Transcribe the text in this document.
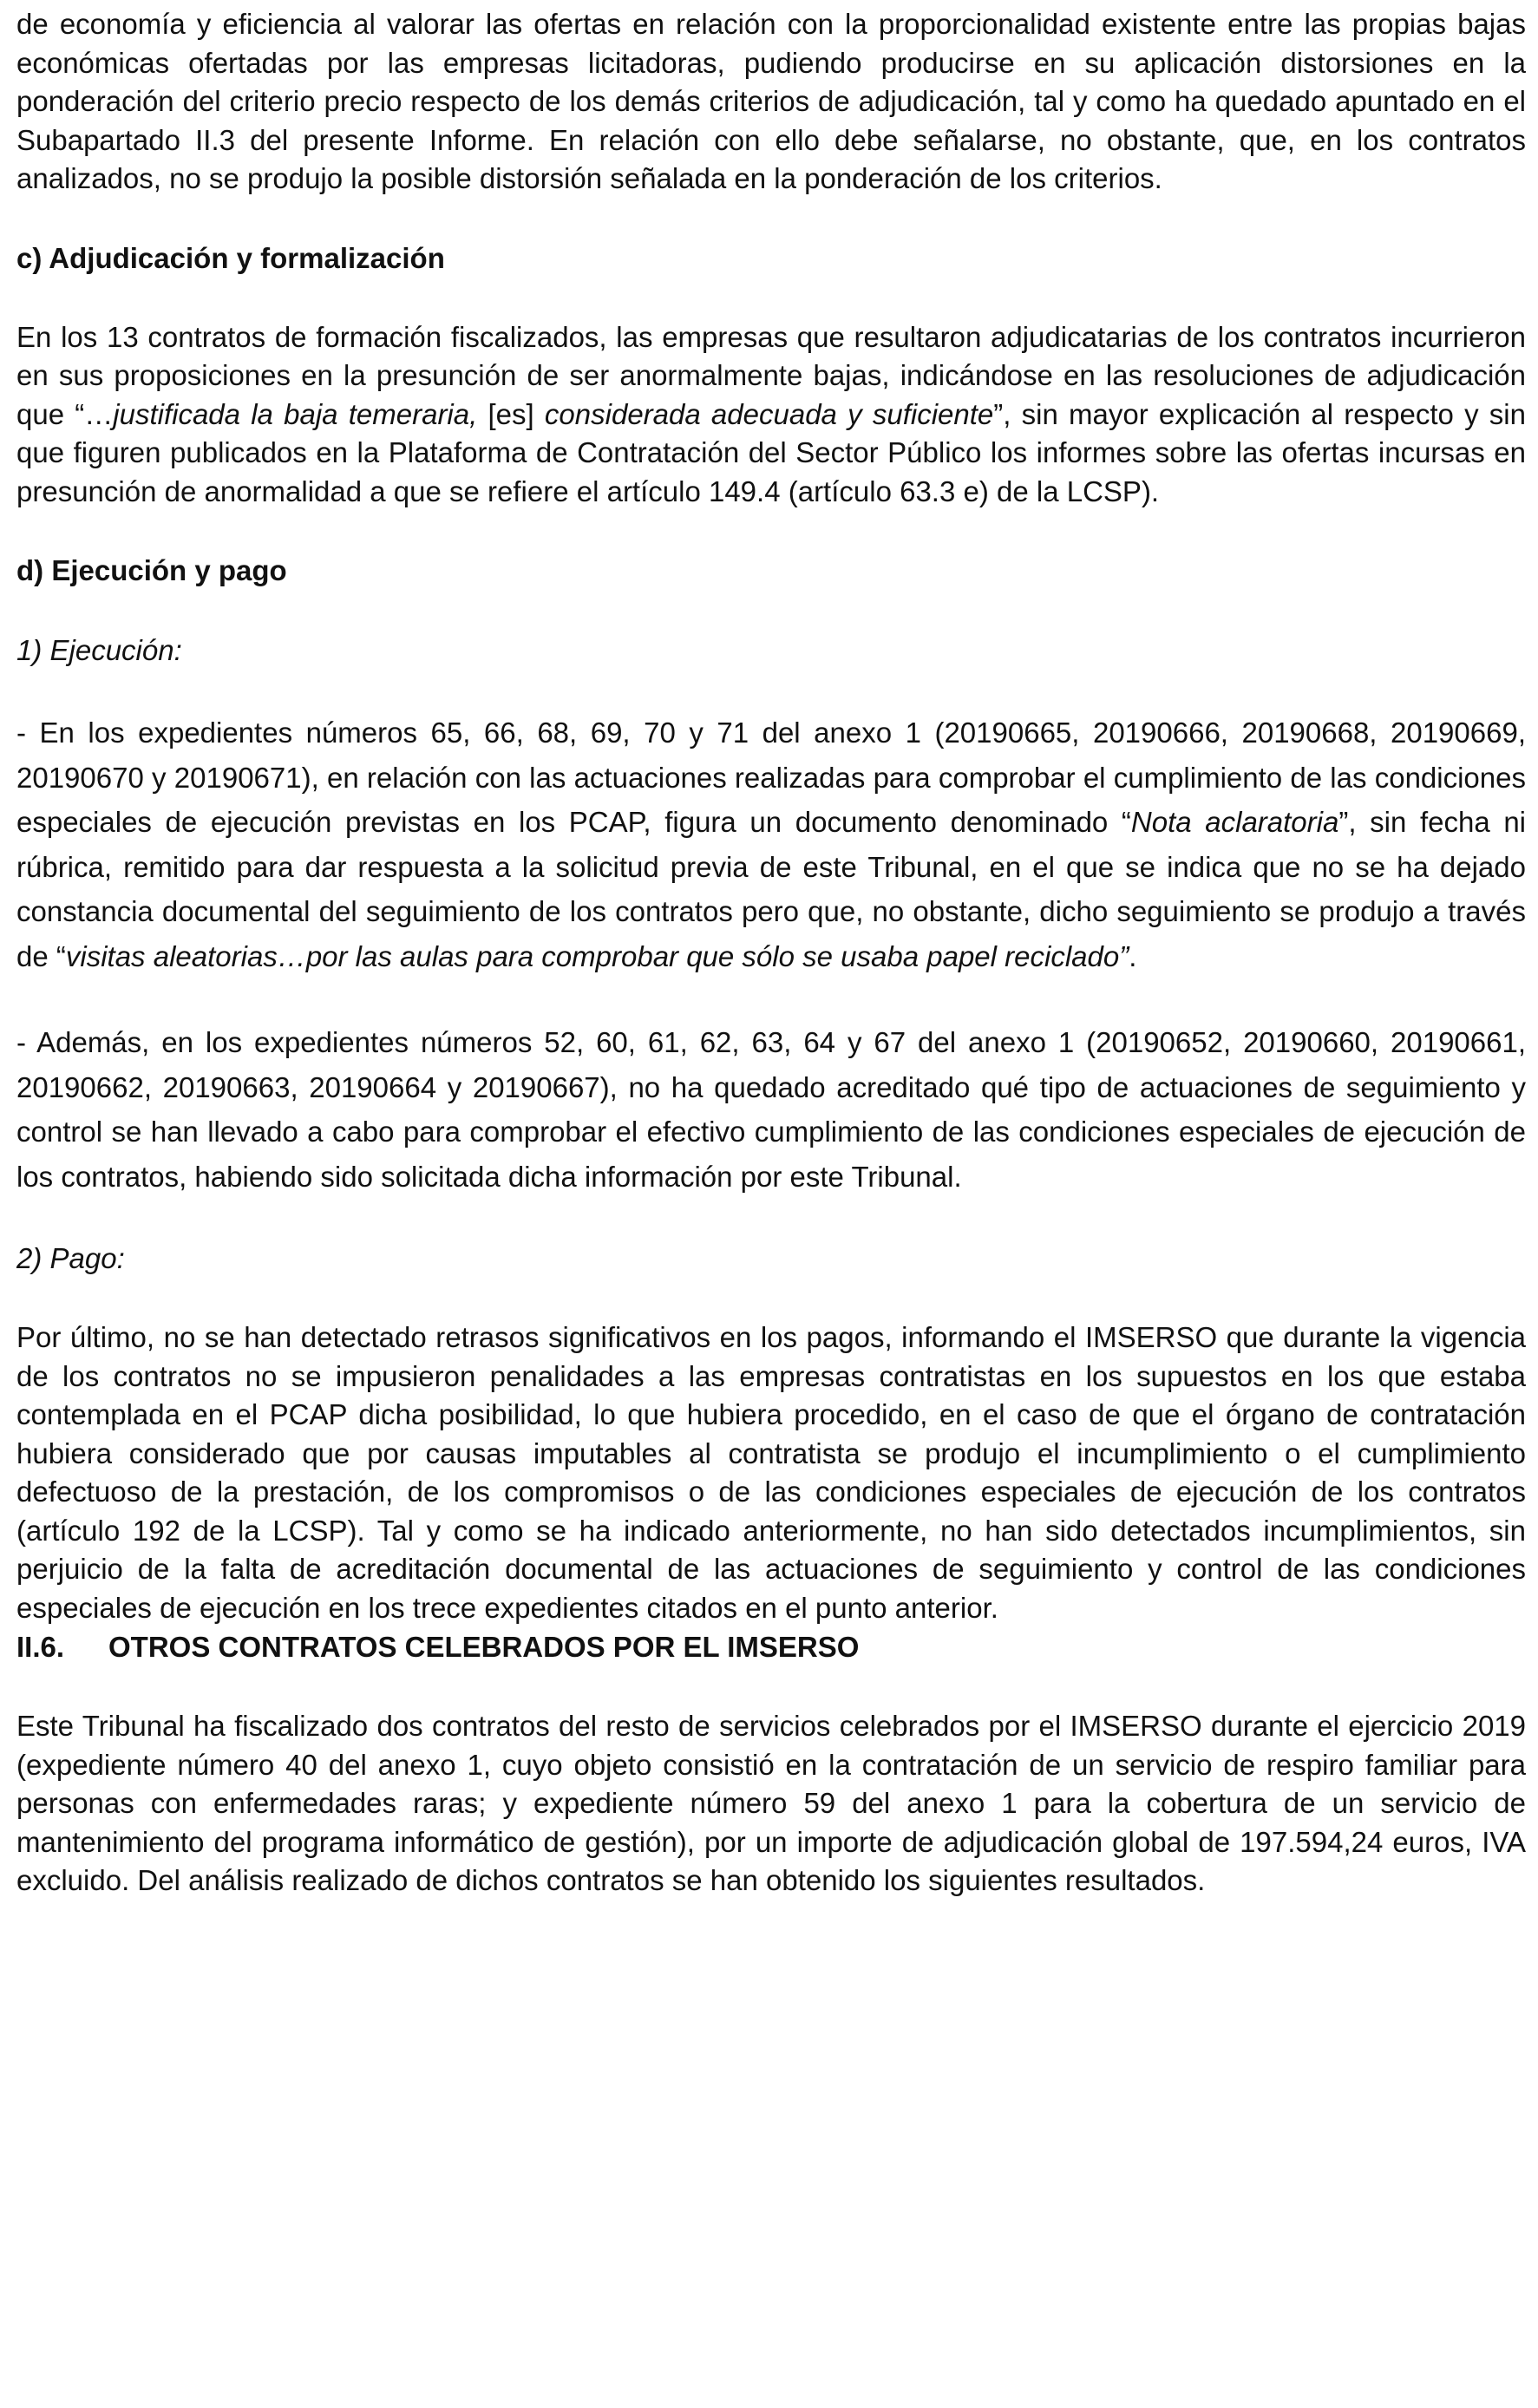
de economía y eficiencia al valorar las ofertas en relación con la proporcionalidad existente entre las propias bajas económicas ofertadas por las empresas licitadoras, pudiendo producirse en su aplicación distorsiones en la ponderación del criterio precio respecto de los demás criterios de adjudicación, tal y como ha quedado apuntado en el Subapartado II.3 del presente Informe. En relación con ello debe señalarse, no obstante, que, en los contratos analizados, no se produjo la posible distorsión señalada en la ponderación de los criterios.

c) Adjudicación y formalización

En los 13 contratos de formación fiscalizados, las empresas que resultaron adjudicatarias de los contratos incurrieron en sus proposiciones en la presunción de ser anormalmente bajas, indicándose en las resoluciones de adjudicación que “…justificada la baja temeraria, [es] considerada adecuada y suficiente”, sin mayor explicación al respecto y sin que figuren publicados en la Plataforma de Contratación del Sector Público los informes sobre las ofertas incursas en presunción de anormalidad a que se refiere el artículo 149.4 (artículo 63.3 e) de la LCSP).

d) Ejecución y pago

1) Ejecución:

- En los expedientes números 65, 66, 68, 69, 70 y 71 del anexo 1 (20190665, 20190666, 20190668, 20190669, 20190670 y 20190671), en relación con las actuaciones realizadas para comprobar el cumplimiento de las condiciones especiales de ejecución previstas en los PCAP, figura un documento denominado “Nota aclaratoria”, sin fecha ni rúbrica, remitido para dar respuesta a la solicitud previa de este Tribunal, en el que se indica que no se ha dejado constancia documental del seguimiento de los contratos pero que, no obstante, dicho seguimiento se produjo a través de “visitas aleatorias…por las aulas para comprobar que sólo se usaba papel reciclado”.

- Además, en los expedientes números 52, 60, 61, 62, 63, 64 y 67 del anexo 1 (20190652, 20190660, 20190661, 20190662, 20190663, 20190664 y 20190667), no ha quedado acreditado qué tipo de actuaciones de seguimiento y control se han llevado a cabo para comprobar el efectivo cumplimiento de las condiciones especiales de ejecución de los contratos, habiendo sido solicitada dicha información por este Tribunal.

2) Pago:

Por último, no se han detectado retrasos significativos en los pagos, informando el IMSERSO que durante la vigencia de los contratos no se impusieron penalidades a las empresas contratistas en los supuestos en los que estaba contemplada en el PCAP dicha posibilidad, lo que hubiera procedido, en el caso de que el órgano de contratación hubiera considerado que por causas imputables al contratista se produjo el incumplimiento o el cumplimiento defectuoso de la prestación, de los compromisos o de las condiciones especiales de ejecución de los contratos (artículo 192 de la LCSP). Tal y como se ha indicado anteriormente, no han sido detectados incumplimientos, sin perjuicio de la falta de acreditación documental de las actuaciones de seguimiento y control de las condiciones especiales de ejecución en los trece expedientes citados en el punto anterior.

II.6. OTROS CONTRATOS CELEBRADOS POR EL IMSERSO

Este Tribunal ha fiscalizado dos contratos del resto de servicios celebrados por el IMSERSO durante el ejercicio 2019 (expediente número 40 del anexo 1, cuyo objeto consistió en la contratación de un servicio de respiro familiar para personas con enfermedades raras; y expediente número 59 del anexo 1 para la cobertura de un servicio de mantenimiento del programa informático de gestión), por un importe de adjudicación global de 197.594,24 euros, IVA excluido. Del análisis realizado de dichos contratos se han obtenido los siguientes resultados.
